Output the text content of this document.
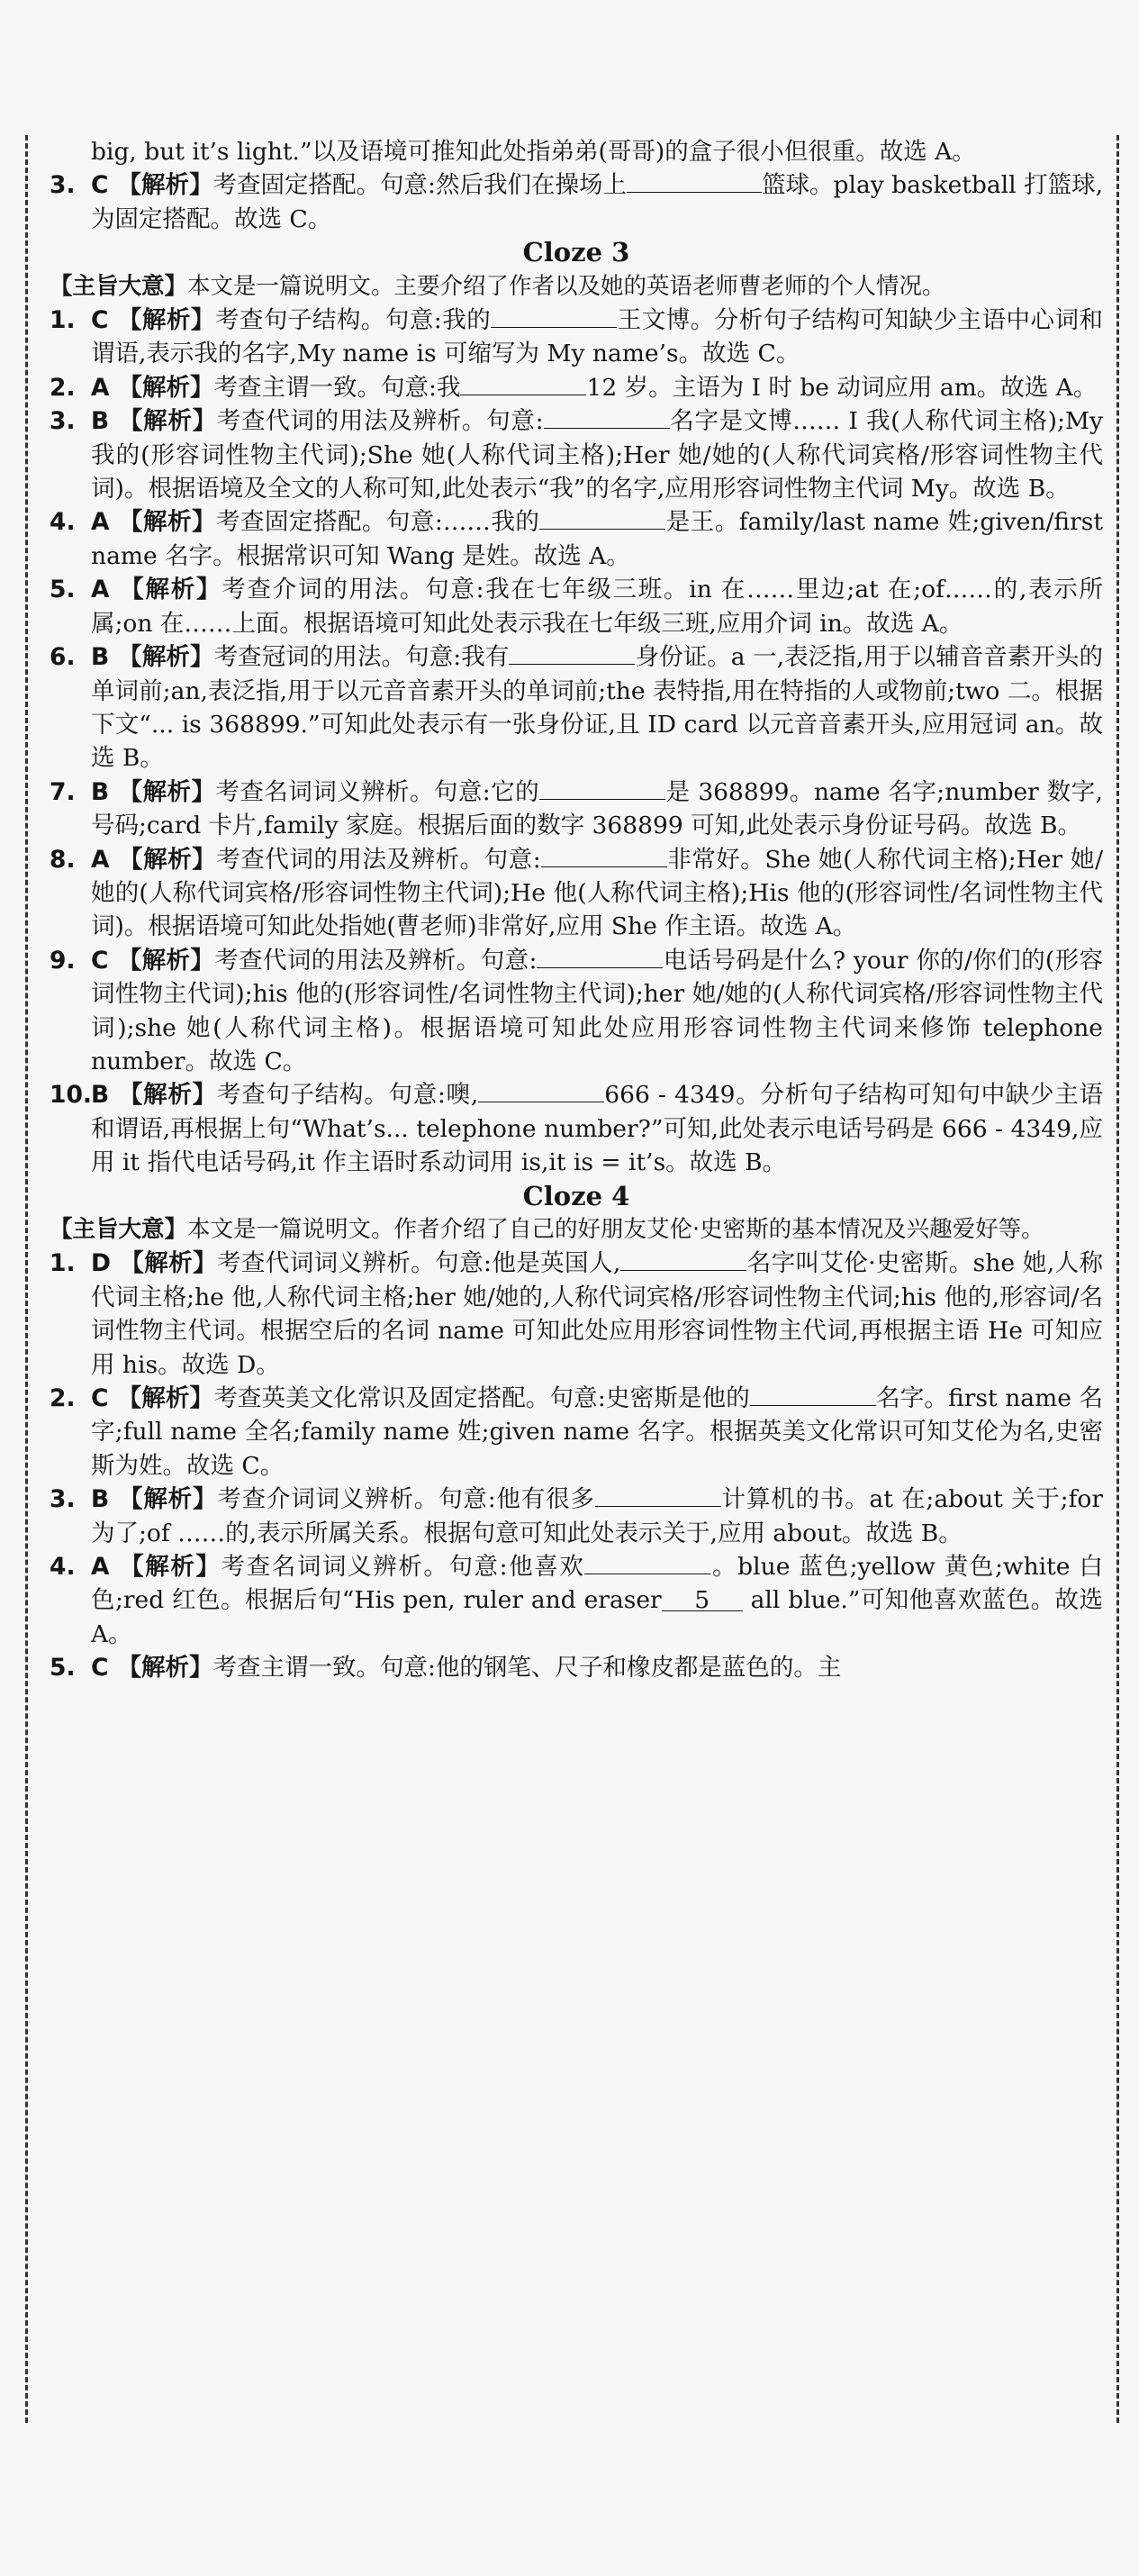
big, but it’s light.”以及语境可推知此处指弟弟(哥哥)的盒子很小但很重。故选 A。

3. C 【解析】考查固定搭配。句意:然后我们在操场上	篮球。play basketball 打篮球,为固定搭配。故选 C。

Cloze 3

【主旨大意】本文是一篇说明文。主要介绍了作者以及她的英语老师曹老师的个人情况。

1. C 【解析】考查句子结构。句意:我的	王文博。分析句子结构可知缺少主语中心词和谓语,表示我的名字,My name is 可缩写为 My name’s。故选 C。
2. A 【解析】考查主谓一致。句意:我	12 岁。主语为 I 时 be 动词应用 am。故选 A。
3. B 【解析】考查代词的用法及辨析。句意:	名字是文博…… I 我(人称代词主格);My 我的(形容词性物主代词);She 她(人称代词主格);Her 她/她的(人称代词宾格/形容词性物主代词)。根据语境及全文的人称可知,此处表示“我”的名字,应用形容词性物主代词 My。故选 B。
4. A 【解析】考查固定搭配。句意:……我的	是王。family/last name 姓;given/first name 名字。根据常识可知 Wang 是姓。故选 A。
5. A 【解析】考查介词的用法。句意:我在七年级三班。in 在……里边;at 在;of……的,表示所属;on 在……上面。根据语境可知此处表示我在七年级三班,应用介词 in。故选 A。
6. B 【解析】考查冠词的用法。句意:我有	身份证。a 一,表泛指,用于以辅音音素开头的单词前;an,表泛指,用于以元音音素开头的单词前;the 表特指,用在特指的人或物前;two 二。根据下文“... is 368899.”可知此处表示有一张身份证,且 ID card 以元音音素开头,应用冠词 an。故选 B。
7. B 【解析】考查名词词义辨析。句意:它的	是 368899。name 名字;number 数字,号码;card 卡片,family 家庭。根据后面的数字 368899 可知,此处表示身份证号码。故选 B。
8. A 【解析】考查代词的用法及辨析。句意:	非常好。She 她(人称代词主格);Her 她/她的(人称代词宾格/形容词性物主代词);He 他(人称代词主格);His 他的(形容词性/名词性物主代词)。根据语境可知此处指她(曹老师)非常好,应用 She 作主语。故选 A。
9. C 【解析】考查代词的用法及辨析。句意:	电话号码是什么? your 你的/你们的(形容词性物主代词);his 他的(形容词性/名词性物主代词);her 她/她的(人称代词宾格/形容词性物主代词);she 她(人称代词主格)。根据语境可知此处应用形容词性物主代词来修饰 telephone number。故选 C。
10. B 【解析】考查句子结构。句意:噢,	666 - 4349。分析句子结构可知句中缺少主语和谓语,再根据上句“What’s... telephone number?”可知,此处表示电话号码是 666 - 4349,应用 it 指代电话号码,it 作主语时系动词用 is,it is = it’s。故选 B。

Cloze 4

【主旨大意】本文是一篇说明文。作者介绍了自己的好朋友艾伦·史密斯的基本情况及兴趣爱好等。

1. D 【解析】考查代词词义辨析。句意:他是英国人,	名字叫艾伦·史密斯。she 她,人称代词主格;he 他,人称代词主格;her 她/她的,人称代词宾格/形容词性物主代词;his 他的,形容词/名词性物主代词。根据空后的名词 name 可知此处应用形容词性物主代词,再根据主语 He 可知应用 his。故选 D。
2. C 【解析】考查英美文化常识及固定搭配。句意:史密斯是他的	名字。first name 名字;full name 全名;family name 姓;given name 名字。根据英美文化常识可知艾伦为名,史密斯为姓。故选 C。
3. B 【解析】考查介词词义辨析。句意:他有很多	计算机的书。at 在;about 关于;for 为了;of ……的,表示所属关系。根据句意可知此处表示关于,应用 about。故选 B。
4. A 【解析】考查名词词义辨析。句意:他喜欢	。blue 蓝色;yellow 黄色;white 白色;red 红色。根据后句“His pen, ruler and eraser 5 all blue.”可知他喜欢蓝色。故选 A。
5. C 【解析】考查主谓一致。句意:他的钢笔、尺子和橡皮都是蓝色的。主
